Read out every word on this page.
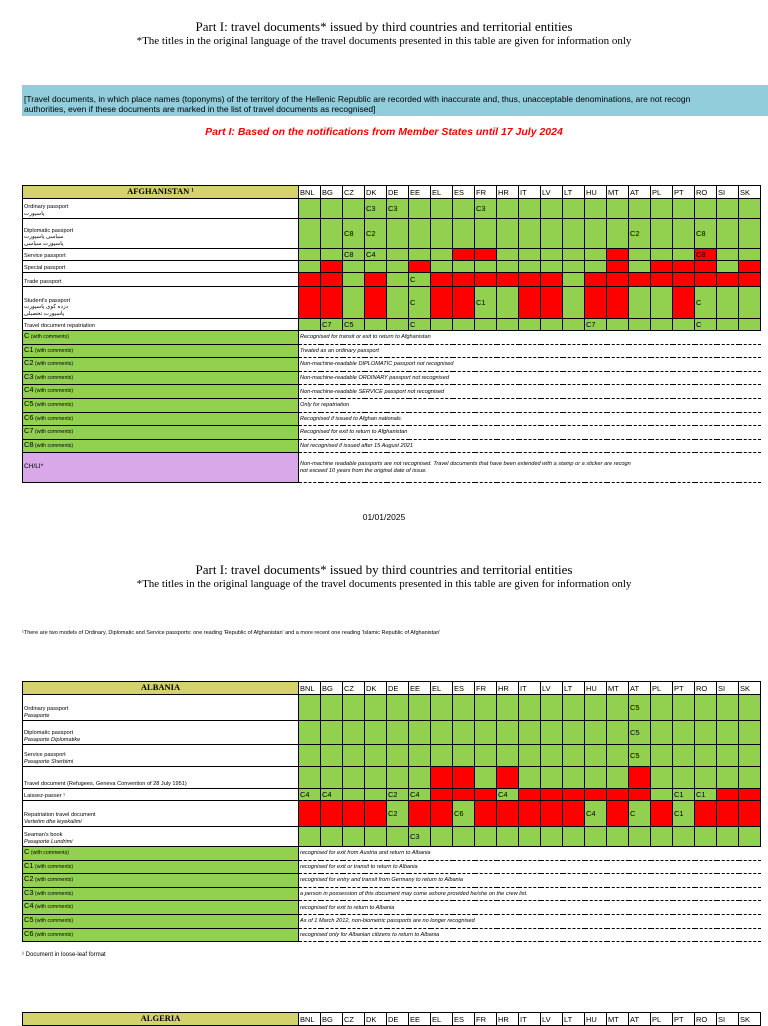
Part I: travel documents* issued by third countries and territorial entities
*The titles in the original language of the travel documents presented in this table are given for information only
[Travel documents, in which place names (toponyms) of the territory of the Hellenic Republic are recorded with inaccurate and, thus, unacceptable denominations, are not recogn
authorities, even if these documents are marked in the list of travel documents as recognised]
Part I: Based on the notifications from Member States until 17 July 2024
AFGHANISTAN ¹	BNL	BG	CZ	DK	DE	EE	EL	ES	FR	HR	IT	LV	LT	HU	MT	AT	PL	PT	RO	SI	SK
Ordinary passport
پاسپورت				C3	C3				C3												
Diplomatic passport
سیاسی پاسپورت
پاسپورت سیاسی			C8	C2												C2			C8		
Service passport			C8	C4															C8		
Special passport																					
Trade passport						C															
Student's passport
دزده کوی پاسپورت
پاسپورت تحصیلی						C			C1										C		
Travel document repatriation		C7	C5			C								C7					C		
C (with comments)	Recognised for transit or exit to return to Afghanistan																				
C1 (with comments)	Treated as an ordinary passport																				
C2 (with comments)	Non-machine-readable DIPLOMATIC passport not recognised																				
C3 (with comments)	Non-machine-readable ORDINARY passport not recognised																				
C4 (with comments)	Non-machine-readable SERVICE passport not recognised																				
C5 (with comments)	Only for repatriation																				
C6 (with comments)	Recognised if issued to Afghan nationals																				
C7 (with comments)	Recognised for exit to return to Afghanistan																				
C8 (with comments)	Not recognised if issued after 15 August 2021																				
CH/LI*	Non-machine readable passports are not recognised. Travel documents that have been extended with a stamp or a sticker are recogn
not exceed 10 years from the original date of issue.																				
01/01/2025
Part I: travel documents* issued by third countries and territorial entities
*The titles in the original language of the travel documents presented in this table are given for information only
¹There are two models of Ordinary, Diplomatic and Service passports: one reading 'Republic of Afghanistan' and a more recent one reading 'Islamic Republic of Afghanistan'
ALBANIA	BNL	BG	CZ	DK	DE	EE	EL	ES	FR	HR	IT	LV	LT	HU	MT	AT	PL	PT	RO	SI	SK
Ordinary passport
Pasaporte																C5					
Diplomatic passport
Pasaporte Diplomatike																C5					
Service passport
Pasaporte Sherbimi																C5					
Travel document (Refugees, Geneva Convention of 28 July 1951)																					
Laissez-passer ¹	C4	C4			C2	C4				C4								C1	C1		
Repatriation travel document
Vertetim dhe leyekalimi					C2			C6						C4		C		C1			
Seaman's book
Pasaporte Lundrimi						C3															
C (with comments)	recognised for exit from Austria and return to Albania																				
C1 (with comments)	recognised for exit or transit to return to Albania																				
C2 (with comments)	recognised for entry and transit from Germany to return to Albania																				
C3 (with comments)	a person in possession of this document may come ashore provided he/she on the crew list.																				
C4 (with comments)	recognised for exit to return to Albania																				
C5 (with comments)	As of 1 March 2012, non-biometric passports are no longer recognised																				
C6 (with comments)	recognised only for Albanian citizens to return to Albania																				
¹ Document in loose-leaf format
ALGERIA	BNL	BG	CZ	DK	DE	EE	EL	ES	FR	HR	IT	LV	LT	HU	MT	AT	PL	PT	RO	SI	SK
